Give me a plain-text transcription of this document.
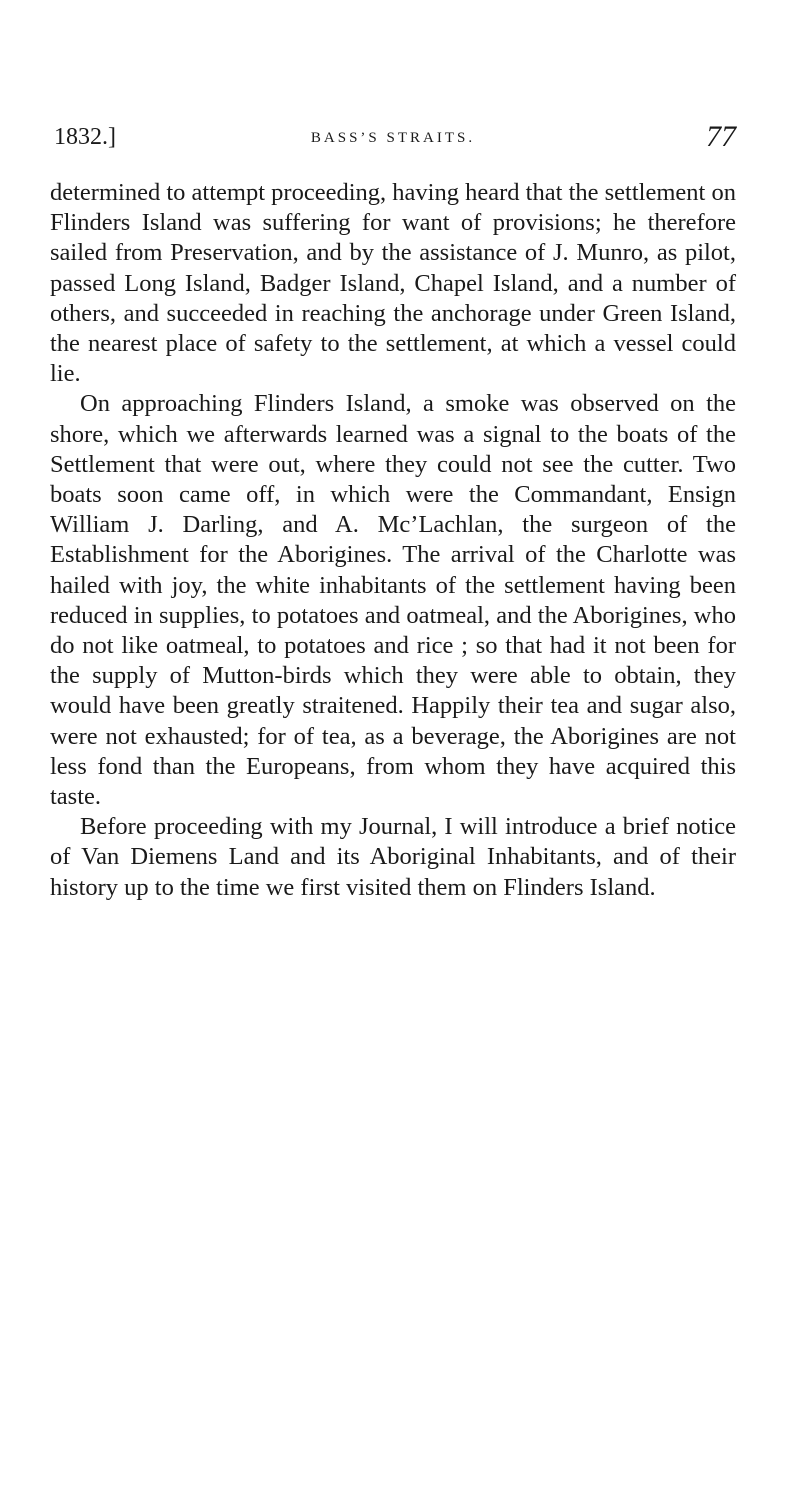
1832.]	BASS’S STRAITS.	77

determined to attempt proceeding, having heard that the settlement on Flinders Island was suffering for want of provisions; he therefore sailed from Preservation, and by the assistance of J. Munro, as pilot, passed Long Island, Badger Island, Chapel Island, and a number of others, and succeeded in reaching the anchorage under Green Island, the nearest place of safety to the settlement, at which a vessel could lie.

On approaching Flinders Island, a smoke was observed on the shore, which we afterwards learned was a signal to the boats of the Settlement that were out, where they could not see the cutter. Two boats soon came off, in which were the Commandant, Ensign William J. Darling, and A. Mc’Lachlan, the surgeon of the Establishment for the Aborigines. The arrival of the Charlotte was hailed with joy, the white inhabitants of the settlement having been reduced in supplies, to potatoes and oatmeal, and the Aborigines, who do not like oatmeal, to potatoes and rice ; so that had it not been for the supply of Mutton-birds which they were able to obtain, they would have been greatly straitened. Happily their tea and sugar also, were not exhausted; for of tea, as a beverage, the Aborigines are not less fond than the Europeans, from whom they have acquired this taste.

Before proceeding with my Journal, I will introduce a brief notice of Van Diemens Land and its Aboriginal Inhabitants, and of their history up to the time we first visited them on Flinders Island.
